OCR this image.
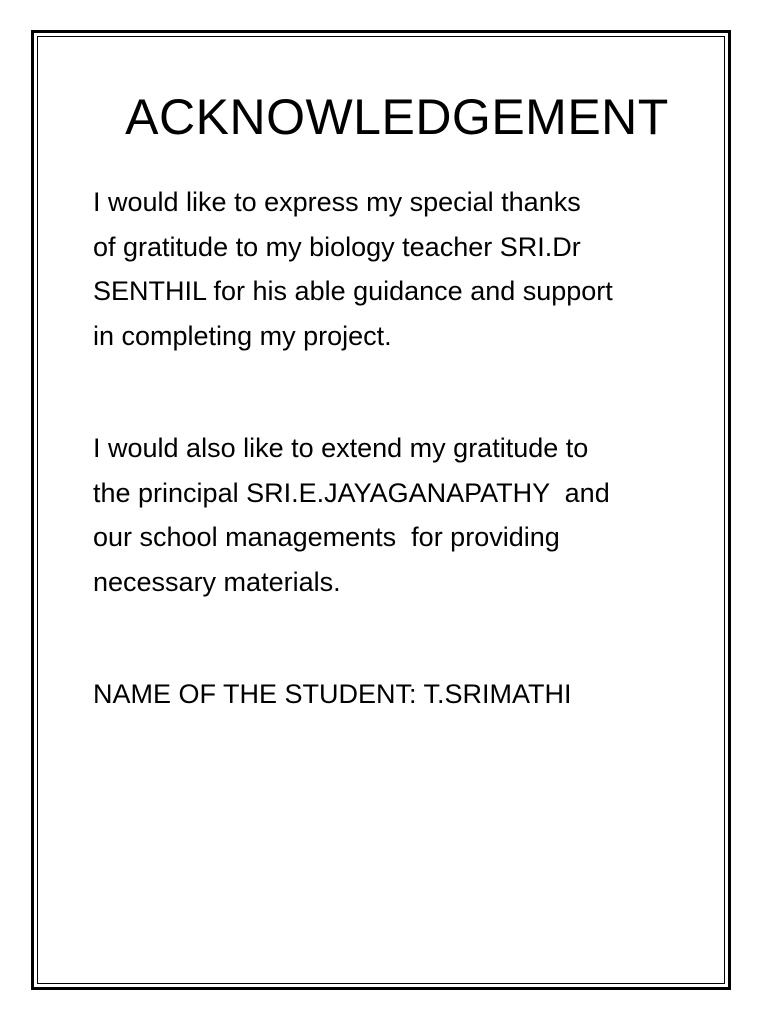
ACKNOWLEDGEMENT

I would like to express my special thanks
of gratitude to my biology teacher SRI.Dr
SENTHIL for his able guidance and support
in completing my project.

I would also like to extend my gratitude to
the principal SRI.E.JAYAGANAPATHY  and
our school managements  for providing
necessary materials.

NAME OF THE STUDENT: T.SRIMATHI
